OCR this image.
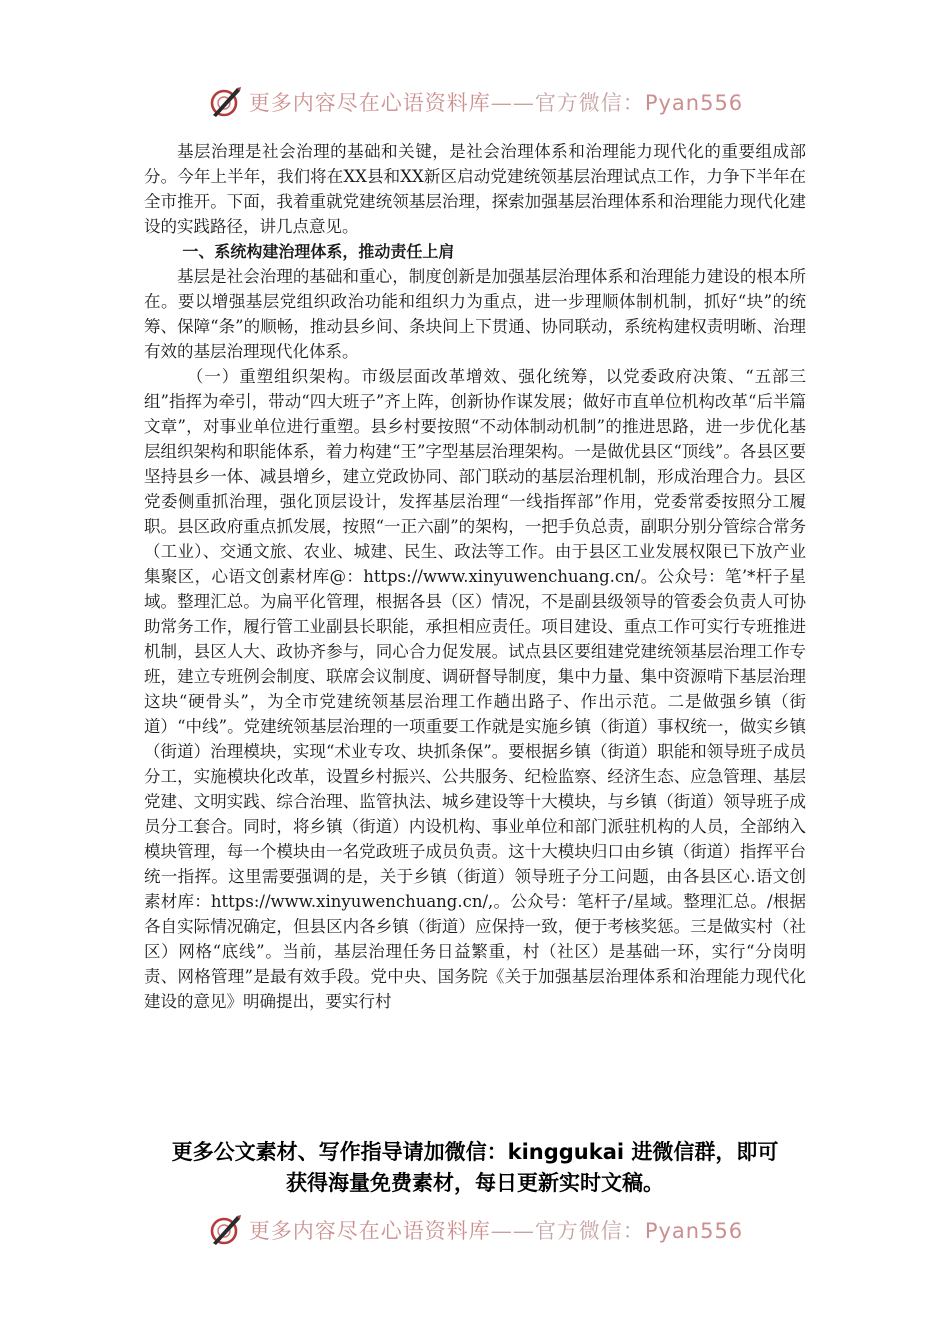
更多内容尽在心语资料库——官方微信：Pyan556

基层治理是社会治理的基础和关键，是社会治理体系和治理能力现代化的重要组成部分。今年上半年，我们将在XX县和XX新区启动党建统领基层治理试点工作，力争下半年在全市推开。下面，我着重就党建统领基层治理，探索加强基层治理体系和治理能力现代化建设的实践路径，讲几点意见。

一、系统构建治理体系，推动责任上肩

基层是社会治理的基础和重心，制度创新是加强基层治理体系和治理能力建设的根本所在。要以增强基层党组织政治功能和组织力为重点，进一步理顺体制机制，抓好“块”的统筹、保障“条”的顺畅，推动县乡间、条块间上下贯通、协同联动，系统构建权责明晰、治理有效的基层治理现代化体系。

（一）重塑组织架构。市级层面改革增效、强化统筹，以党委政府决策、“五部三组”指挥为牵引，带动“四大班子”齐上阵，创新协作谋发展；做好市直单位机构改革“后半篇文章”，对事业单位进行重塑。县乡村要按照“不动体制动机制”的推进思路，进一步优化基层组织架构和职能体系，着力构建“王”字型基层治理架构。一是做优县区“顶线”。各县区要坚持县乡一体、减县增乡，建立党政协同、部门联动的基层治理机制，形成治理合力。县区党委侧重抓治理，强化顶层设计，发挥基层治理“一线指挥部”作用，党委常委按照分工履职。县区政府重点抓发展，按照“一正六副”的架构，一把手负总责，副职分别分管综合常务（工业）、交通文旅、农业、城建、民生、政法等工作。由于县区工业发展权限已下放产业集聚区，心语文创素材库@：https://www.xinyuwenchuang.cn/。公众号：笔’*杆子星域。整理汇总。为扁平化管理，根据各县（区）情况，不是副县级领导的管委会负责人可协助常务工作，履行管工业副县长职能，承担相应责任。项目建设、重点工作可实行专班推进机制，县区人大、政协齐参与，同心合力促发展。试点县区要组建党建统领基层治理工作专班，建立专班例会制度、联席会议制度、调研督导制度，集中力量、集中资源啃下基层治理这块“硬骨头”，为全市党建统领基层治理工作趟出路子、作出示范。二是做强乡镇（街道）“中线”。党建统领基层治理的一项重要工作就是实施乡镇（街道）事权统一，做实乡镇（街道）治理模块，实现“术业专攻、块抓条保”。要根据乡镇（街道）职能和领导班子成员分工，实施模块化改革，设置乡村振兴、公共服务、纪检监察、经济生态、应急管理、基层党建、文明实践、综合治理、监管执法、城乡建设等十大模块，与乡镇（街道）领导班子成员分工套合。同时，将乡镇（街道）内设机构、事业单位和部门派驻机构的人员，全部纳入模块管理，每一个模块由一名党政班子成员负责。这十大模块归口由乡镇（街道）指挥平台统一指挥。这里需要强调的是，关于乡镇（街道）领导班子分工问题，由各县区心.语文创素材库：https://www.xinyuwenchuang.cn/,。公众号：笔杆子/星域。整理汇总。/根据各自实际情况确定，但县区内各乡镇（街道）应保持一致，便于考核奖惩。三是做实村（社区）网格“底线”。当前，基层治理任务日益繁重，村（社区）是基础一环，实行“分岗明责、网格管理”是最有效手段。党中央、国务院《关于加强基层治理体系和治理能力现代化建设的意见》明确提出，要实行村

更多公文素材、写作指导请加微信：kinggukai 进微信群，即可
获得海量免费素材，每日更新实时文稿。
更多内容尽在心语资料库——官方微信：Pyan556
